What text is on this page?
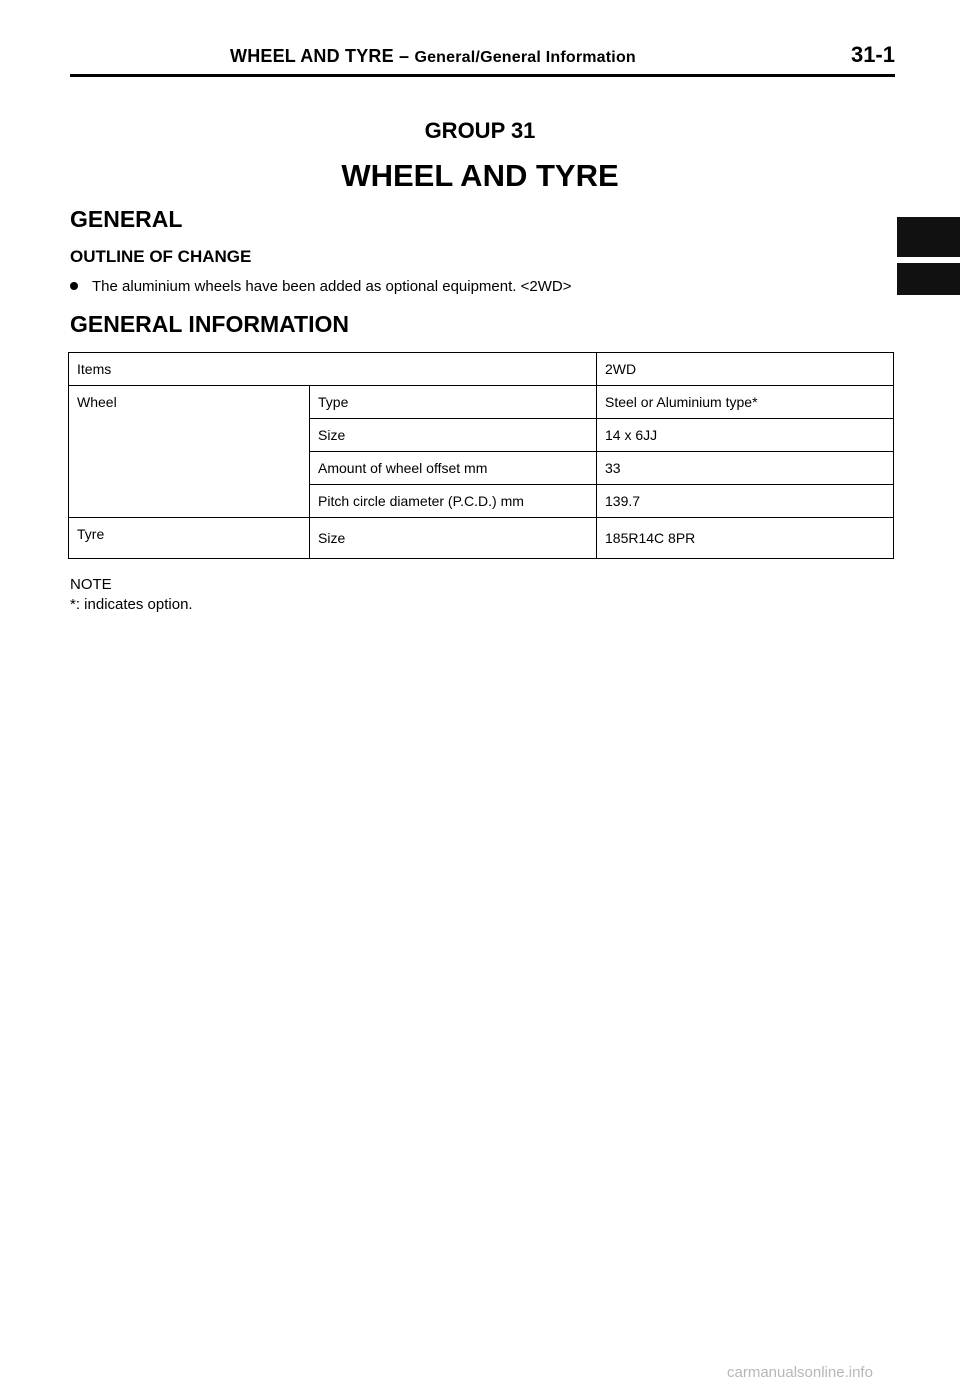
WHEEL AND TYRE – General/General Information	31-1
GROUP 31
WHEEL AND TYRE
GENERAL
OUTLINE OF CHANGE
The aluminium wheels have been added as optional equipment. <2WD>
GENERAL INFORMATION
Items		2WD
Wheel	Type	Steel or Aluminium type*
	Size	14 x 6JJ
	Amount of wheel offset mm	33
	Pitch circle diameter (P.C.D.) mm	139.7
Tyre	Size	185R14C 8PR
NOTE
*: indicates option.
carmanualsonline.info
